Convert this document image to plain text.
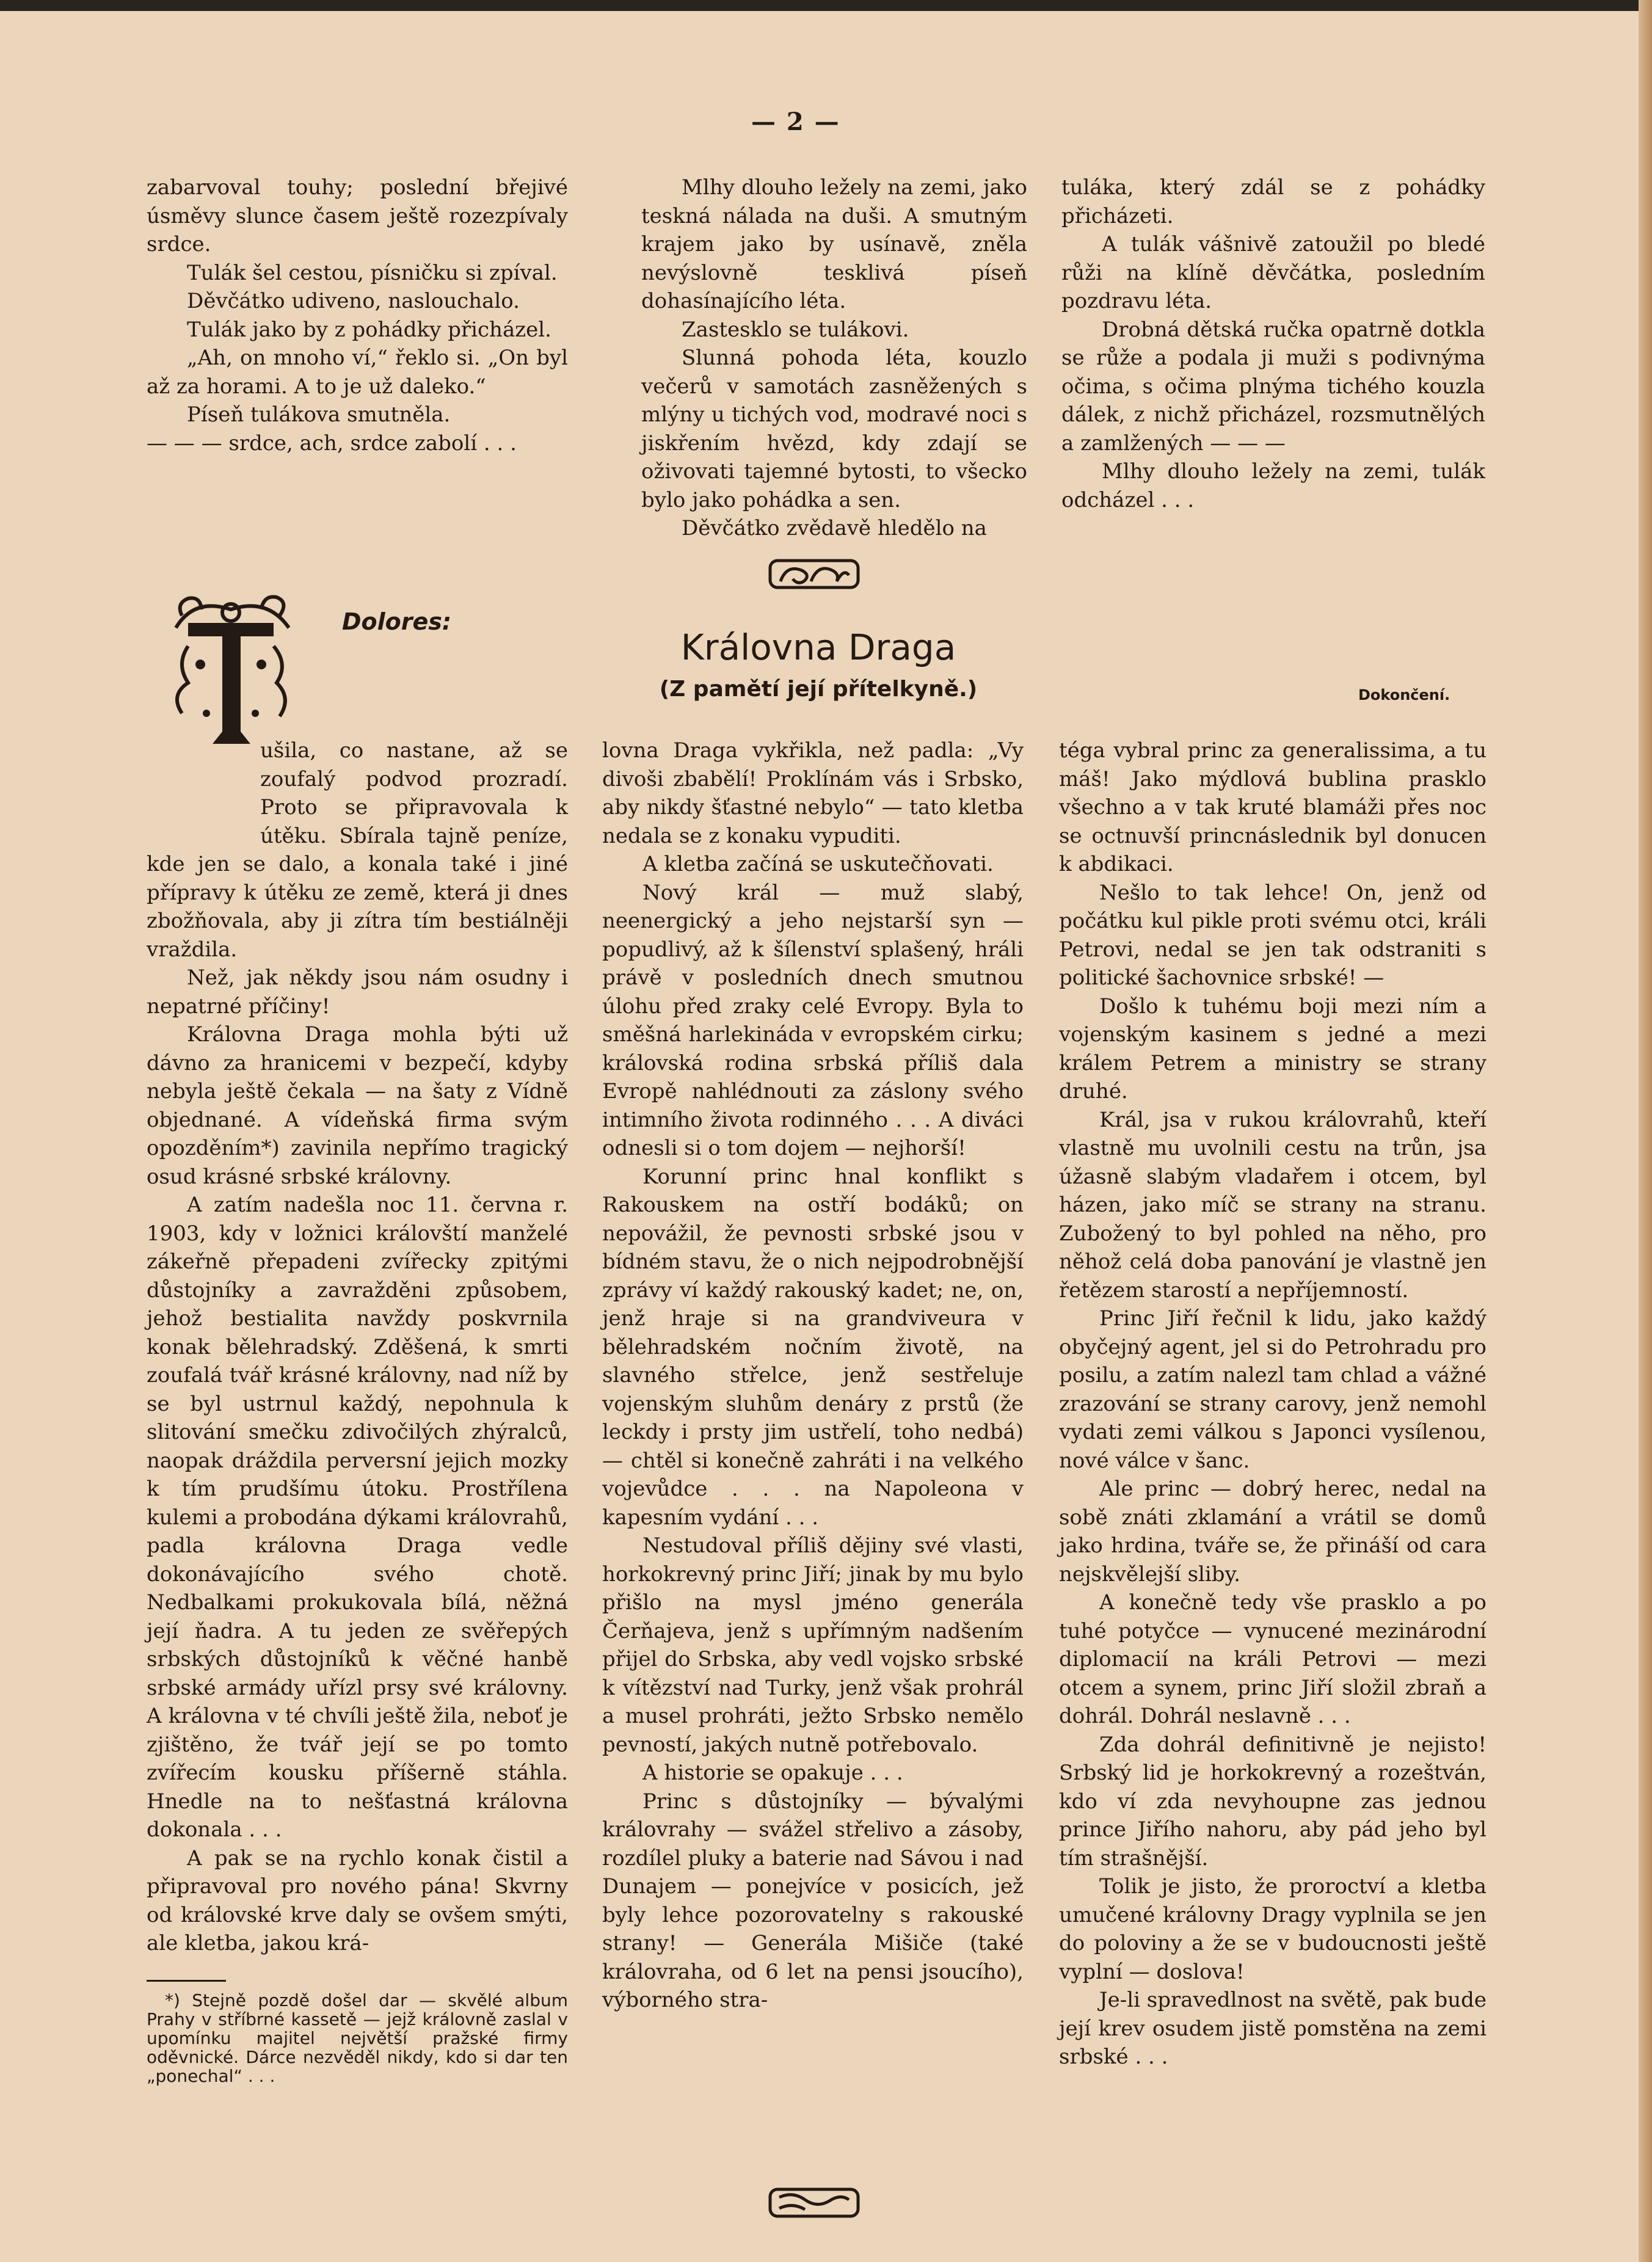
— 2 —

zabarvoval touhy; poslední břejivé úsměvy slunce časem ještě rozezpívaly srdce.

Tulák šel cestou, písničku si zpíval.

Děvčátko udiveno, naslouchalo.

Tulák jako by z pohádky přicházel.

„Ah, on mnoho ví,“ řeklo si. „On byl až za horami. A to je už daleko.“

Píseň tulákova smutněla.

— — — srdce, ach, srdce zabolí . . .

Mlhy dlouho ležely na zemi, jako teskná nálada na duši. A smutným krajem jako by usínavě, zněla nevýslovně tesklivá píseň dohasínajícího léta.

Zastesklo se tulákovi.

Slunná pohoda léta, kouzlo večerů v samotách zasněžených s mlýny u tichých vod, modravé noci s jiskřením hvězd, kdy zdají se oživovati tajemné bytosti, to všecko bylo jako pohádka a sen.

Děvčátko zvědavě hledělo na

tuláka, který zdál se z pohádky přicházeti.

A tulák vášnivě zatoužil po bledé růži na klíně děvčátka, posledním pozdravu léta.

Drobná dětská ručka opatrně dotkla se růže a podala ji muži s podivnýma očima, s očima plnýma tichého kouzla dálek, z nichž přicházel, rozsmutnělých a zamlžených — — —

Mlhy dlouho ležely na zemi, tulák odcházel . . .

Dolores:
Královna Draga
(Z pamětí její přítelkyně.)	Dokončení.

ušila, co nastane, až se zoufalý podvod prozradí. Proto se připravovala k útěku. Sbírala tajně peníze, kde jen se dalo, a konala také i jiné přípravy k útěku ze země, která ji dnes zbožňovala, aby ji zítra tím bestiálněji vraždila.

Než, jak někdy jsou nám osudny i nepatrné příčiny!

Královna Draga mohla býti už dávno za hranicemi v bezpečí, kdyby nebyla ještě čekala — na šaty z Vídně objednané. A vídeňská firma svým opozděním*) zavinila nepřímo tragický osud krásné srbské královny.

A zatím nadešla noc 11. června r. 1903, kdy v ložnici královští manželé zákeřně přepadeni zvířecky zpitými důstojníky a zavražděni způsobem, jehož bestialita navždy poskvrnila konak bělehradský. Zděšená, k smrti zoufalá tvář krásné královny, nad níž by se byl ustrnul každý, nepohnula k slitování smečku zdivočilých zhýralců, naopak dráždila perversní jejich mozky k tím prudšímu útoku. Prostřílena kulemi a probodána dýkami královrahů, padla královna Draga vedle dokonávajícího svého chotě. Nedbalkami prokukovala bílá, něžná její ňadra. A tu jeden ze svěřepých srbských důstojníků k věčné hanbě srbské armády uřízl prsy své královny. A královna v té chvíli ještě žila, neboť je zjištěno, že tvář její se po tomto zvířecím kousku příšerně stáhla. Hnedle na to nešťastná královna dokonala . . .

A pak se na rychlo konak čistil a připravoval pro nového pána! Skvrny od královské krve daly se ovšem smýti, ale kletba, jakou krá-

*) Stejně pozdě došel dar — skvělé album Prahy v stříbrné kassetě — jejž královně zaslal v upomínku majitel největší pražské firmy oděvnické. Dárce nezvěděl nikdy, kdo si dar ten „ponechal“ . . .

lovna Draga vykřikla, než padla: „Vy divoši zbabělí! Proklínám vás i Srbsko, aby nikdy šťastné nebylo“ — tato kletba nedala se z konaku vypuditi.

A kletba začíná se uskutečňovati.

Nový král — muž slabý, neenergický a jeho nejstarší syn — popudlivý, až k šílenství splašený, hráli právě v posledních dnech smutnou úlohu před zraky celé Evropy. Byla to směšná harlekináda v evropském cirku; královská rodina srbská příliš dala Evropě nahlédnouti za záslony svého intimního života rodinného . . . A diváci odnesli si o tom dojem — nejhorší!

Korunní princ hnal konflikt s Rakouskem na ostří bodáků; on nepovážil, že pevnosti srbské jsou v bídném stavu, že o nich nejpodrobnější zprávy ví každý rakouský kadet; ne, on, jenž hraje si na grandviveura v bělehradském nočním životě, na slavného střelce, jenž sestřeluje vojenským sluhům denáry z prstů (že leckdy i prsty jim ustřelí, toho nedbá) — chtěl si konečně zahráti i na velkého vojevůdce . . . na Napoleona v kapesním vydání . . .

Nestudoval příliš dějiny své vlasti, horkokrevný princ Jiří; jinak by mu bylo přišlo na mysl jméno generála Čerňajeva, jenž s upřímným nadšením přijel do Srbska, aby vedl vojsko srbské k vítězství nad Turky, jenž však prohrál a musel prohráti, ježto Srbsko nemělo pevností, jakých nutně potřebovalo.

A historie se opakuje . . .

Princ s důstojníky — bývalými královrahy — svážel střelivo a zásoby, rozdílel pluky a baterie nad Sávou i nad Dunajem — ponejvíce v posicích, jež byly lehce pozorovatelny s rakouské strany! — Generála Mišiče (také královraha, od 6 let na pensi jsoucího), výborného stra-

téga vybral princ za generalissima, a tu máš! Jako mýdlová bublina prasklo všechno a v tak kruté blamáži přes noc se octnuvší princnáslednik byl donucen k abdikaci.

Nešlo to tak lehce! On, jenž od počátku kul pikle proti svému otci, králi Petrovi, nedal se jen tak odstraniti s politické šachovnice srbské! —

Došlo k tuhému boji mezi ním a vojenským kasinem s jedné a mezi králem Petrem a ministry se strany druhé.

Král, jsa v rukou královrahů, kteří vlastně mu uvolnili cestu na trůn, jsa úžasně slabým vladařem i otcem, byl házen, jako míč se strany na stranu. Zubožený to byl pohled na něho, pro něhož celá doba panování je vlastně jen řetězem starostí a nepříjemností.

Princ Jiří řečnil k lidu, jako každý obyčejný agent, jel si do Petrohradu pro posilu, a zatím nalezl tam chlad a vážné zrazování se strany carovy, jenž nemohl vydati zemi válkou s Japonci vysílenou, nové válce v šanc.

Ale princ — dobrý herec, nedal na sobě znáti zklamání a vrátil se domů jako hrdina, tváře se, že přináší od cara nejskvělejší sliby.

A konečně tedy vše prasklo a po tuhé potyčce — vynucené mezinárodní diplomacií na králi Petrovi — mezi otcem a synem, princ Jiří složil zbraň a dohrál. Dohrál neslavně . . .

Zda dohrál definitivně je nejisto! Srbský lid je horkokrevný a rozeštván, kdo ví zda nevyhoupne zas jednou prince Jiřího nahoru, aby pád jeho byl tím strašnější.

Tolik je jisto, že proroctví a kletba umučené královny Dragy vyplnila se jen do poloviny a že se v budoucnosti ještě vyplní — doslova!

Je-li spravedlnost na světě, pak bude její krev osudem jistě pomstěna na zemi srbské . . .
